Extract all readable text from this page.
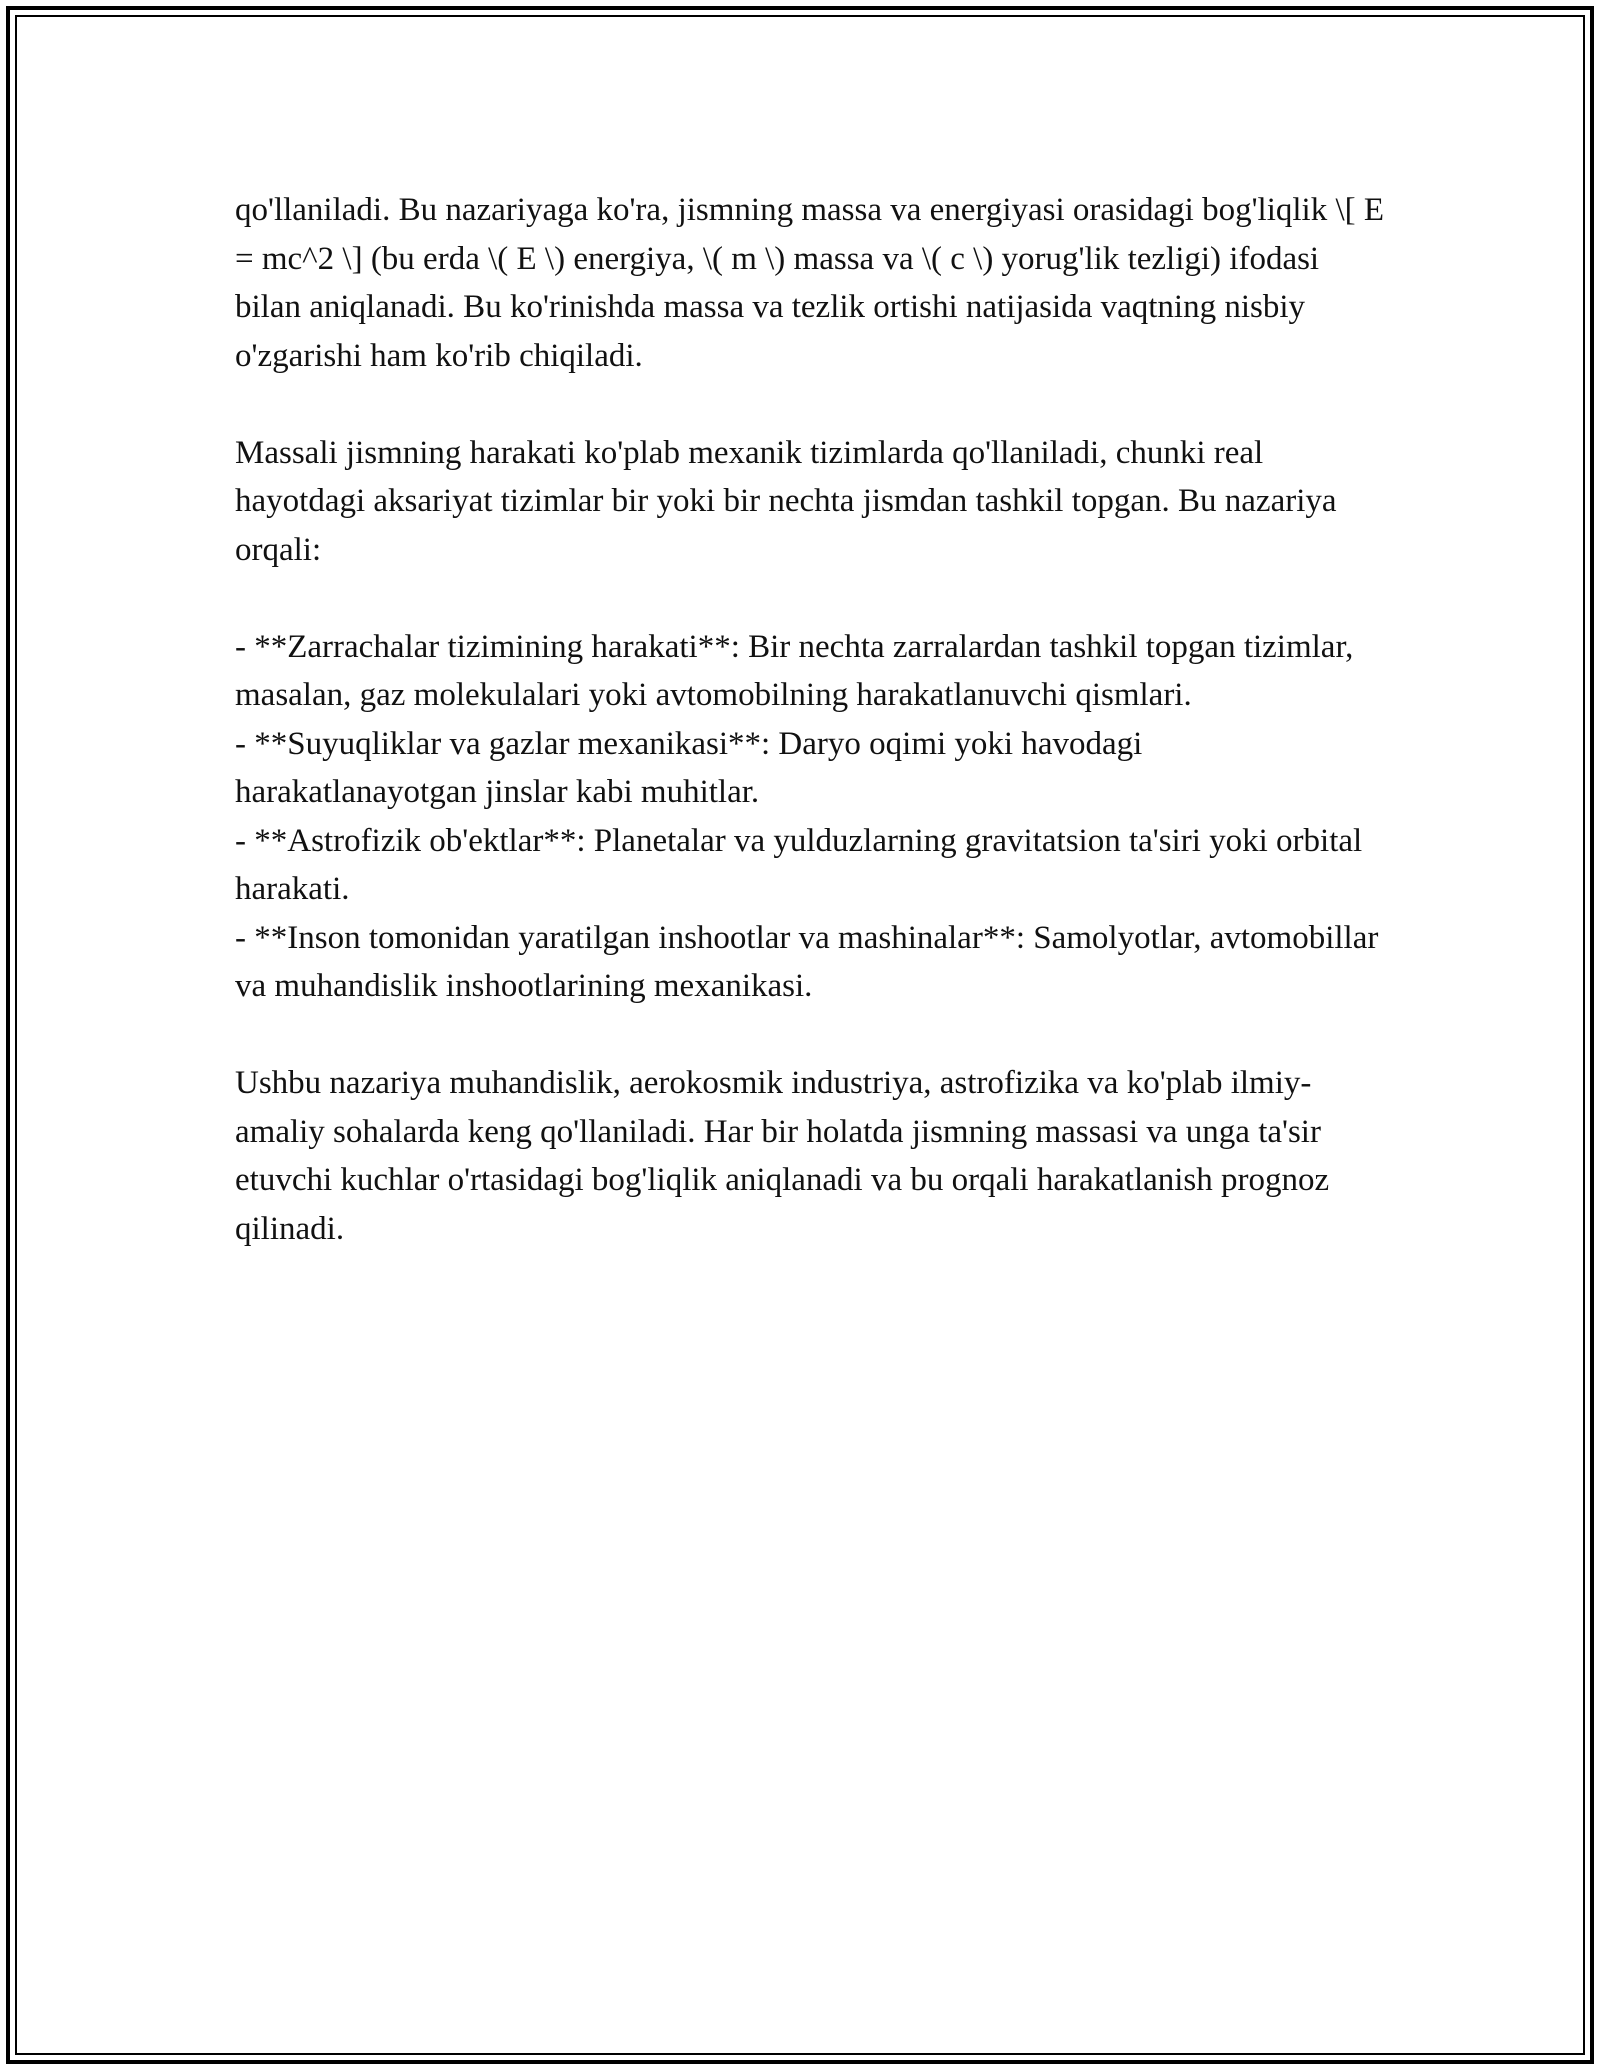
qo'llaniladi. Bu nazariyaga ko'ra, jismning massa va energiyasi orasidagi bog'liqlik \[ E = mc^2 \] (bu erda \( E \) energiya, \( m \) massa va \( c \) yorug'lik tezligi) ifodasi bilan aniqlanadi. Bu ko'rinishda massa va tezlik ortishi natijasida vaqtning nisbiy o'zgarishi ham ko'rib chiqiladi.

Massali jismning harakati ko'plab mexanik tizimlarda qo'llaniladi, chunki real hayotdagi aksariyat tizimlar bir yoki bir nechta jismdan tashkil topgan. Bu nazariya orqali:

- **Zarrachalar tizimining harakati**: Bir nechta zarralardan tashkil topgan tizimlar, masalan, gaz molekulalari yoki avtomobilning harakatlanuvchi qismlari.
- **Suyuqliklar va gazlar mexanikasi**: Daryo oqimi yoki havodagi harakatlanayotgan jinslar kabi muhitlar.
- **Astrofizik ob'ektlar**: Planetalar va yulduzlarning gravitatsion ta'siri yoki orbital harakati.
- **Inson tomonidan yaratilgan inshootlar va mashinalar**: Samolyotlar, avtomobillar va muhandislik inshootlarining mexanikasi.

Ushbu nazariya muhandislik, aerokosmik industriya, astrofizika va ko'plab ilmiy-amaliy sohalarda keng qo'llaniladi. Har bir holatda jismning massasi va unga ta'sir etuvchi kuchlar o'rtasidagi bog'liqlik aniqlanadi va bu orqali harakatlanish prognoz qilinadi.
